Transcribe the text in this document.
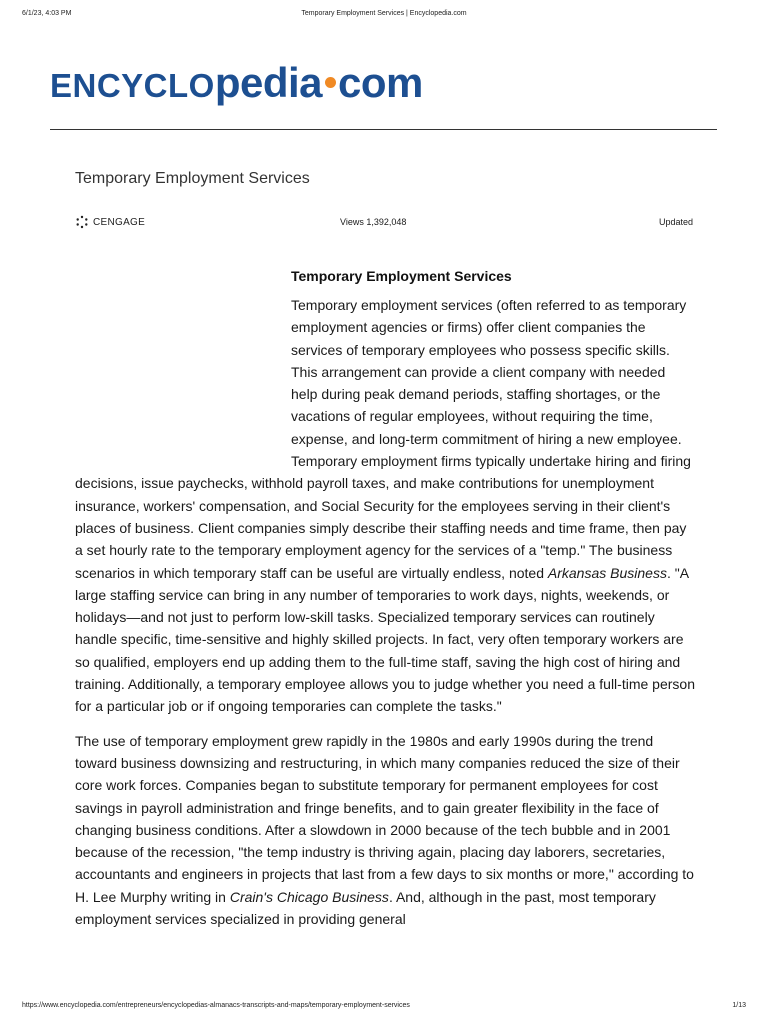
6/1/23, 4:03 PM	Temporary Employment Services | Encyclopedia.com
ENCYCLOpedia com
Temporary Employment Services
CENGAGE	Views 1,392,048	Updated
Temporary Employment Services

Temporary employment services (often referred to as temporary employment agencies or firms) offer client companies the services of temporary employees who possess specific skills. This arrangement can provide a client company with needed help during peak demand periods, staffing shortages, or the vacations of regular employees, without requiring the time, expense, and long-term commitment of hiring a new employee. Temporary employment firms typically undertake hiring and firing decisions, issue paychecks, withhold payroll taxes, and make contributions for unemployment insurance, workers' compensation, and Social Security for the employees serving in their client's places of business. Client companies simply describe their staffing needs and time frame, then pay a set hourly rate to the temporary employment agency for the services of a "temp." The business scenarios in which temporary staff can be useful are virtually endless, noted Arkansas Business. "A large staffing service can bring in any number of temporaries to work days, nights, weekends, or holidays—and not just to perform low-skill tasks. Specialized temporary services can routinely handle specific, time-sensitive and highly skilled projects. In fact, very often temporary workers are so qualified, employers end up adding them to the full-time staff, saving the high cost of hiring and training. Additionally, a temporary employee allows you to judge whether you need a full-time person for a particular job or if ongoing temporaries can complete the tasks."

The use of temporary employment grew rapidly in the 1980s and early 1990s during the trend toward business downsizing and restructuring, in which many companies reduced the size of their core work forces. Companies began to substitute temporary for permanent employees for cost savings in payroll administration and fringe benefits, and to gain greater flexibility in the face of changing business conditions. After a slowdown in 2000 because of the tech bubble and in 2001 because of the recession, "the temp industry is thriving again, placing day laborers, secretaries, accountants and engineers in projects that last from a few days to six months or more," according to H. Lee Murphy writing in Crain's Chicago Business. And, although in the past, most temporary employment services specialized in providing general

https://www.encyclopedia.com/entrepreneurs/encyclopedias-almanacs-transcripts-and-maps/temporary-employment-services	1/13
